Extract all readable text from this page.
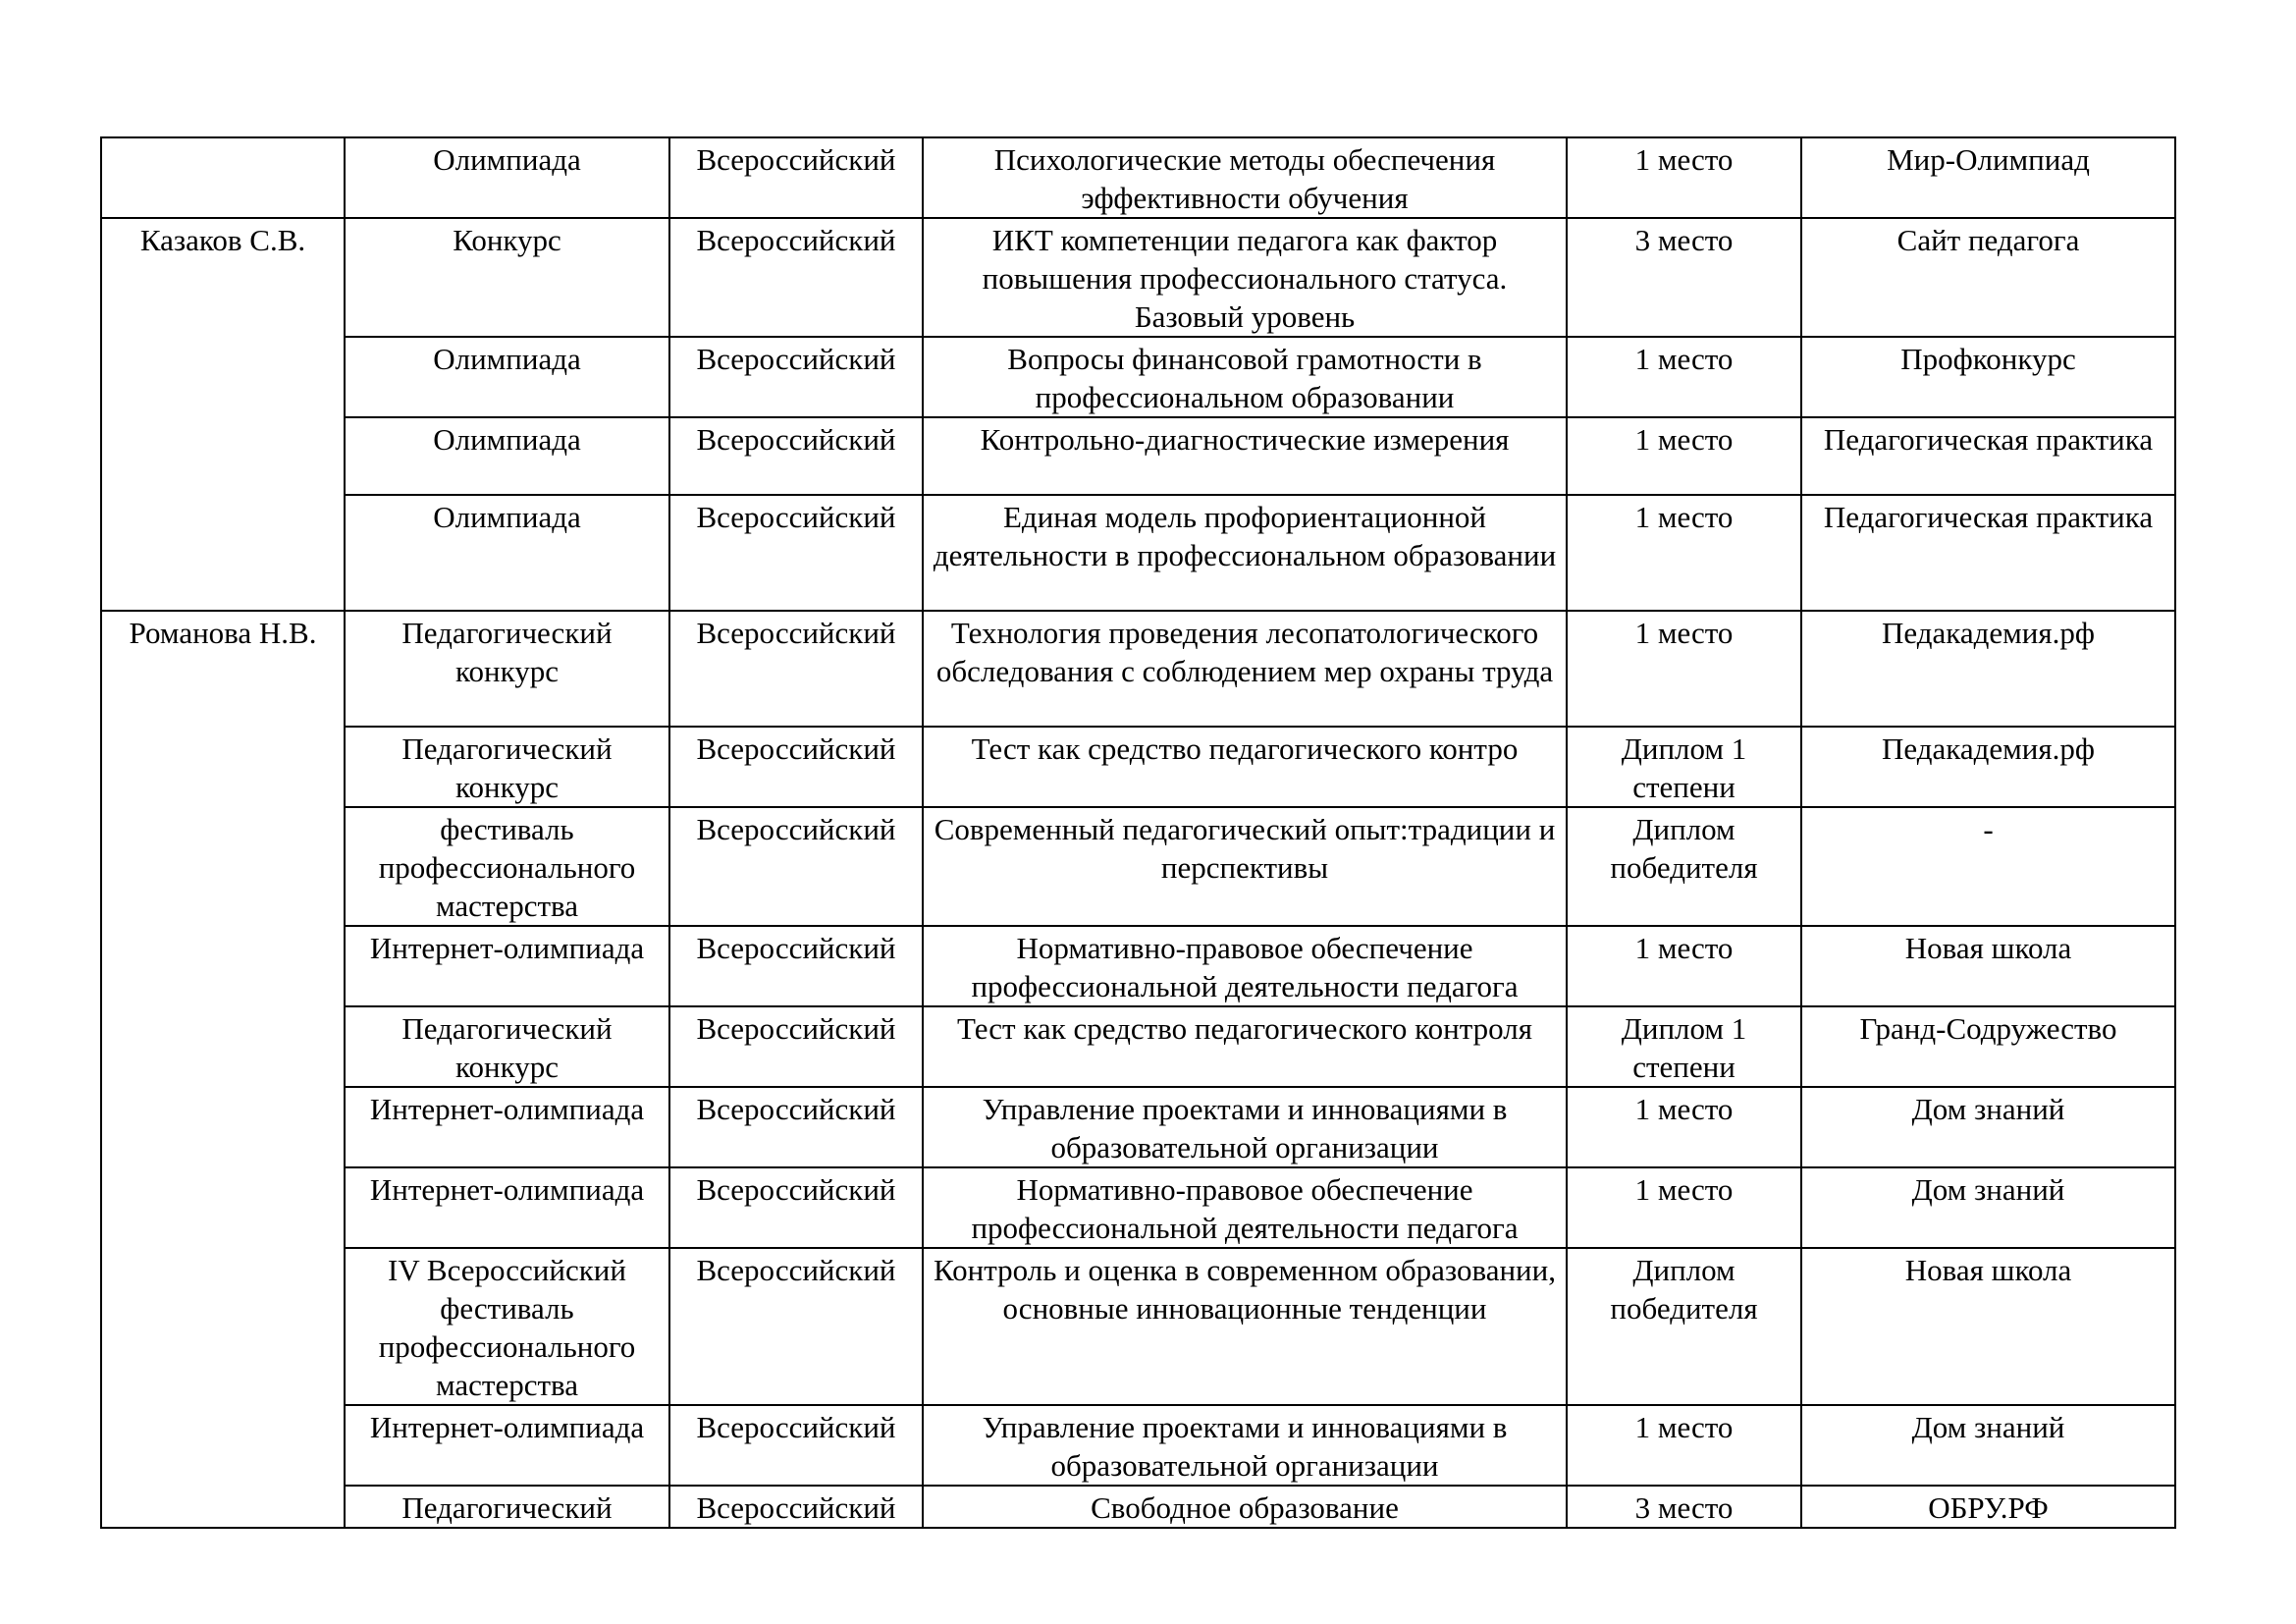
	Олимпиада	Всероссийский	Психологические методы обеспечения эффективности обучения	1 место	Мир-Олимпиад
Казаков С.В.	Конкурс	Всероссийский	ИКТ компетенции педагога как фактор повышения профессионального статуса. Базовый уровень	3 место	Сайт педагога
	Олимпиада	Всероссийский	Вопросы финансовой грамотности в профессиональном образовании	1 место	Профконкурс
	Олимпиада	Всероссийский	Контрольно-диагностические измерения	1 место	Педагогическая практика
	Олимпиада	Всероссийский	Единая модель профориентационной деятельности в профессиональном образовании	1 место	Педагогическая практика
Романова Н.В.	Педагогический конкурс	Всероссийский	Технология проведения лесопатологического обследования с соблюдением мер охраны труда	1 место	Педакадемия.рф
	Педагогический конкурс	Всероссийский	Тест как средство педагогического контро	Диплом 1 степени	Педакадемия.рф
	фестиваль профессионального мастерства	Всероссийский	Современный педагогический опыт:традиции и перспективы	Диплом победителя	-
	Интернет-олимпиада	Всероссийский	Нормативно-правовое обеспечение профессиональной деятельности педагога	1 место	Новая школа
	Педагогический конкурс	Всероссийский	Тест как средство педагогического контроля	Диплом 1 степени	Гранд-Содружество
	Интернет-олимпиада	Всероссийский	Управление проектами и инновациями в образовательной организации	1 место	Дом знаний
	Интернет-олимпиада	Всероссийский	Нормативно-правовое обеспечение профессиональной деятельности педагога	1 место	Дом знаний
	IV Всероссийский фестиваль профессионального мастерства	Всероссийский	Контроль и оценка в современном образовании, основные инновационные тенденции	Диплом победителя	Новая школа
	Интернет-олимпиада	Всероссийский	Управление проектами и инновациями в образовательной организации	1 место	Дом знаний
	Педагогический	Всероссийский	Свободное образование	3 место	ОБРУ.РФ
